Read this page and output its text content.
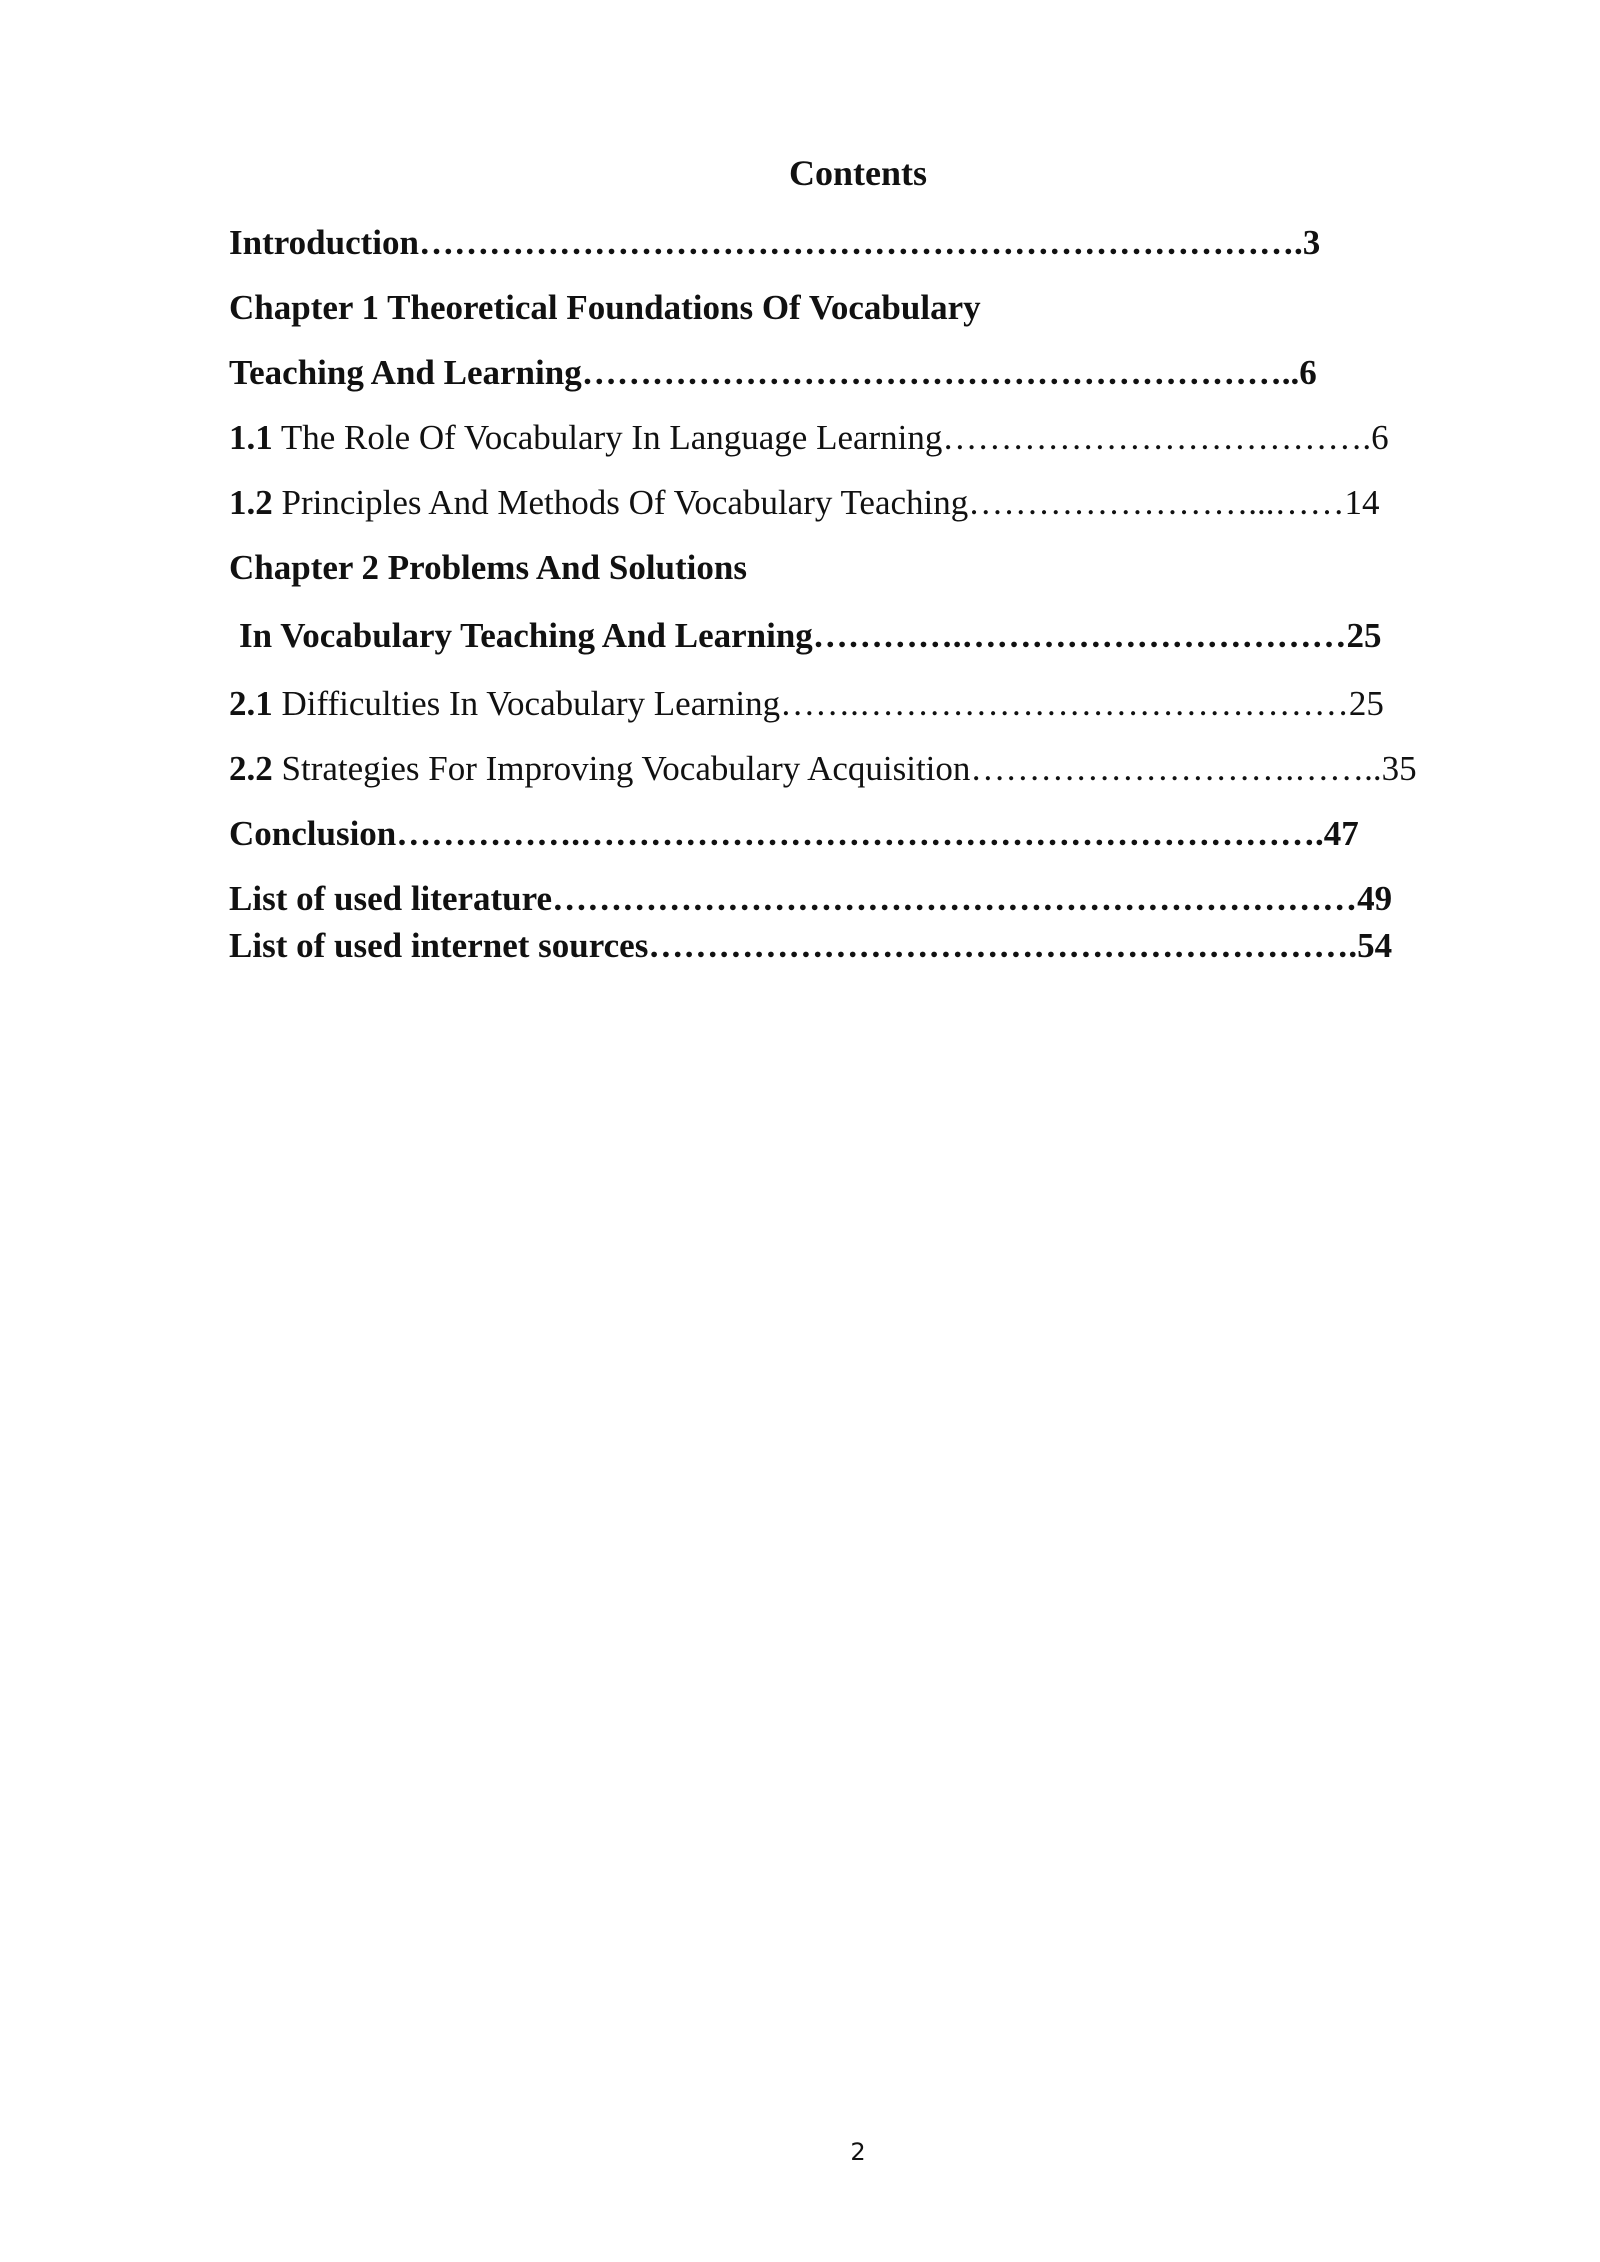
Contents
Introduction………………………………………………………………….3
Chapter 1 Theoretical Foundations Of Vocabulary
Teaching And Learning……………………………………………………..6
1.1 The Role Of Vocabulary In Language Learning……………………………….6
1.2 Principles And Methods Of Vocabulary Teaching……………………...……14
Chapter 2 Problems And Solutions
In Vocabulary Teaching And Learning………….……………………………25
2.1 Difficulties In Vocabulary Learning…….……………………………………25
2.2 Strategies For Improving Vocabulary Acquisition……………………….……..35
Conclusion…………….……………………………………………………….47
List of used literature……………………………………………………………49
List of used internet sources…………………………………………………….54
2
